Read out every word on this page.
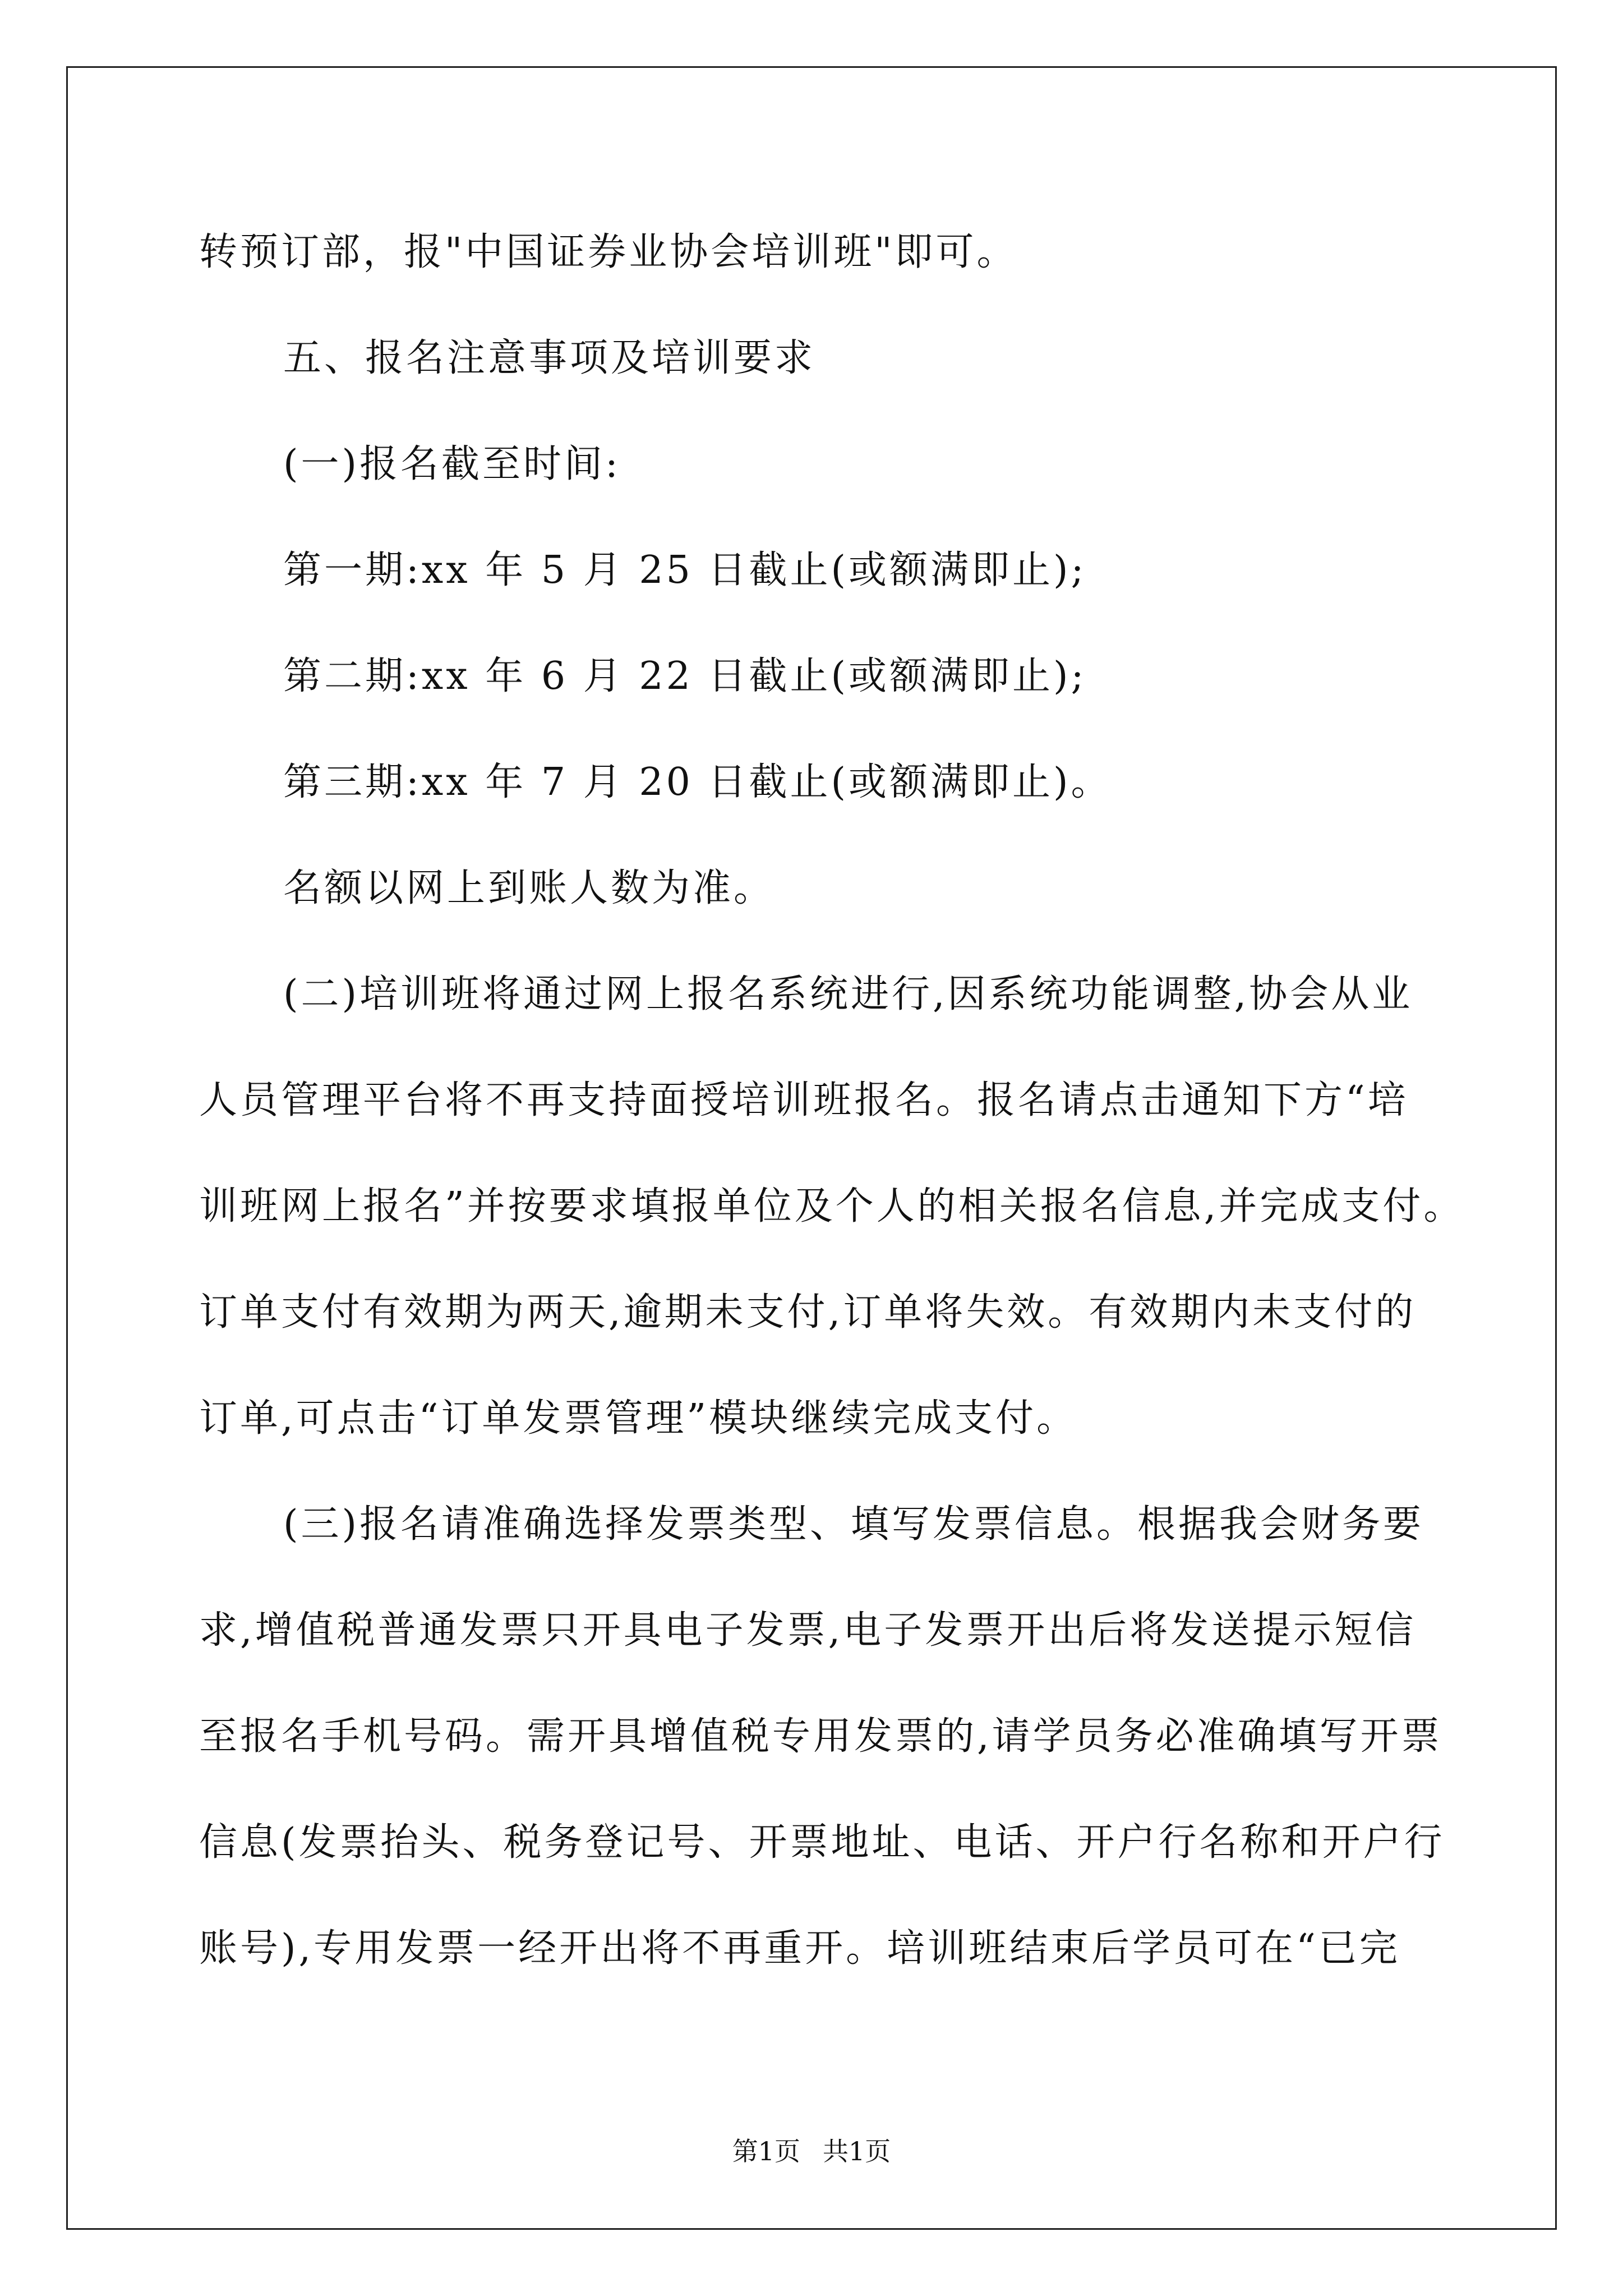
转预订部，报"中国证券业协会培训班"即可。
五、报名注意事项及培训要求
(一)报名截至时间:
第一期:xx 年 5 月 25 日截止(或额满即止);
第二期:xx 年 6 月 22 日截止(或额满即止);
第三期:xx 年 7 月 20 日截止(或额满即止)。
名额以网上到账人数为准。
(二)培训班将通过网上报名系统进行,因系统功能调整,协会从业
人员管理平台将不再支持面授培训班报名。报名请点击通知下方“培
训班网上报名”并按要求填报单位及个人的相关报名信息,并完成支付。
订单支付有效期为两天,逾期未支付,订单将失效。有效期内未支付的
订单,可点击“订单发票管理”模块继续完成支付。
(三)报名请准确选择发票类型、填写发票信息。根据我会财务要
求,增值税普通发票只开具电子发票,电子发票开出后将发送提示短信
至报名手机号码。需开具增值税专用发票的,请学员务必准确填写开票
信息(发票抬头、税务登记号、开票地址、电话、开户行名称和开户行
账号),专用发票一经开出将不再重开。培训班结束后学员可在“已完
第1页 共1页
